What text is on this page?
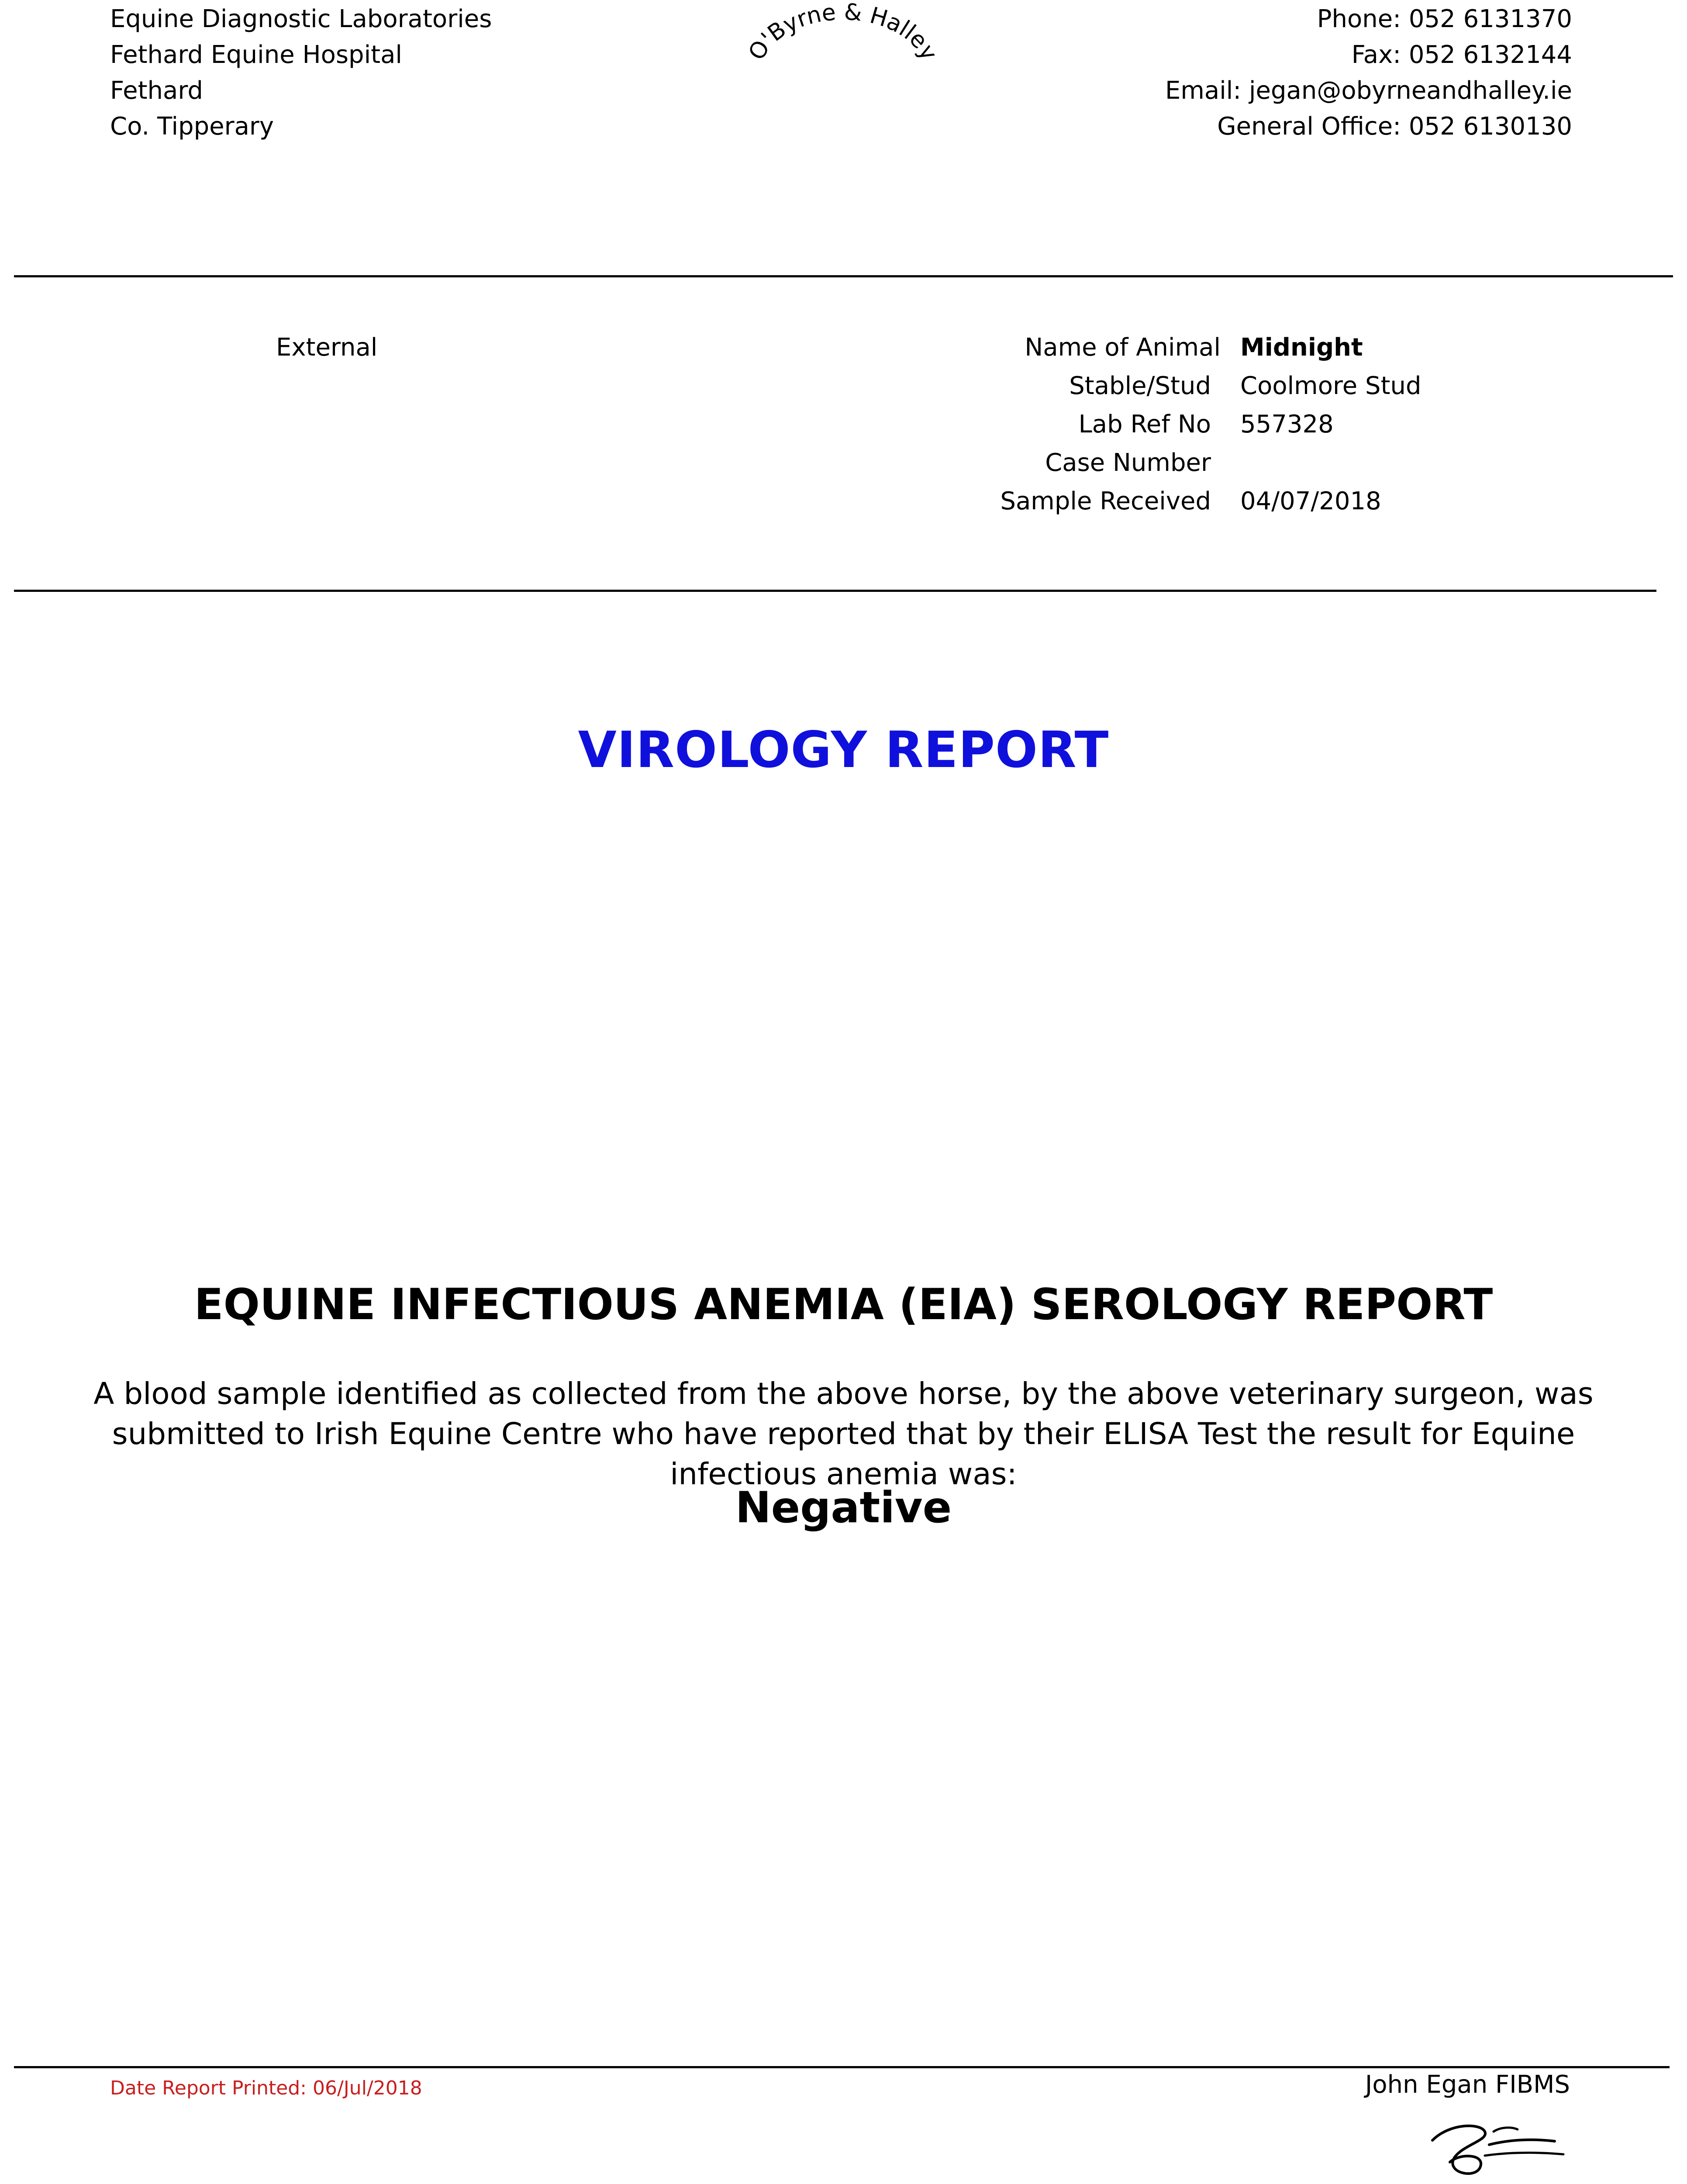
Equine Diagnostic Laboratories
Fethard Equine Hospital
Fethard
Co. Tipperary
O'Byrne & Halle
Phone: 052 6131370
Fax: 052 6132144
Email: jegan@obyrneandhalley.ie
General Office: 052 6130130
External	Name of Animal
Stable/Stud
Lab Ref No
Case Number
Sample Received
Midnight
Coolmore Stud
557328
04/07/2018
VIROLOGY REPORT
EQUINE INFECTIOUS ANEMIA (EIA) SEROLOGY REPORT
A blood sample identified as collected from the above horse, by the above veterinary surgeon, was submitted to Irish Equine Centre who have reported that by their ELISA Test the result for Equine infectious anemia was:
Negative
Date Report Printed: 06/Jul/2018	John Egan FIBMS
